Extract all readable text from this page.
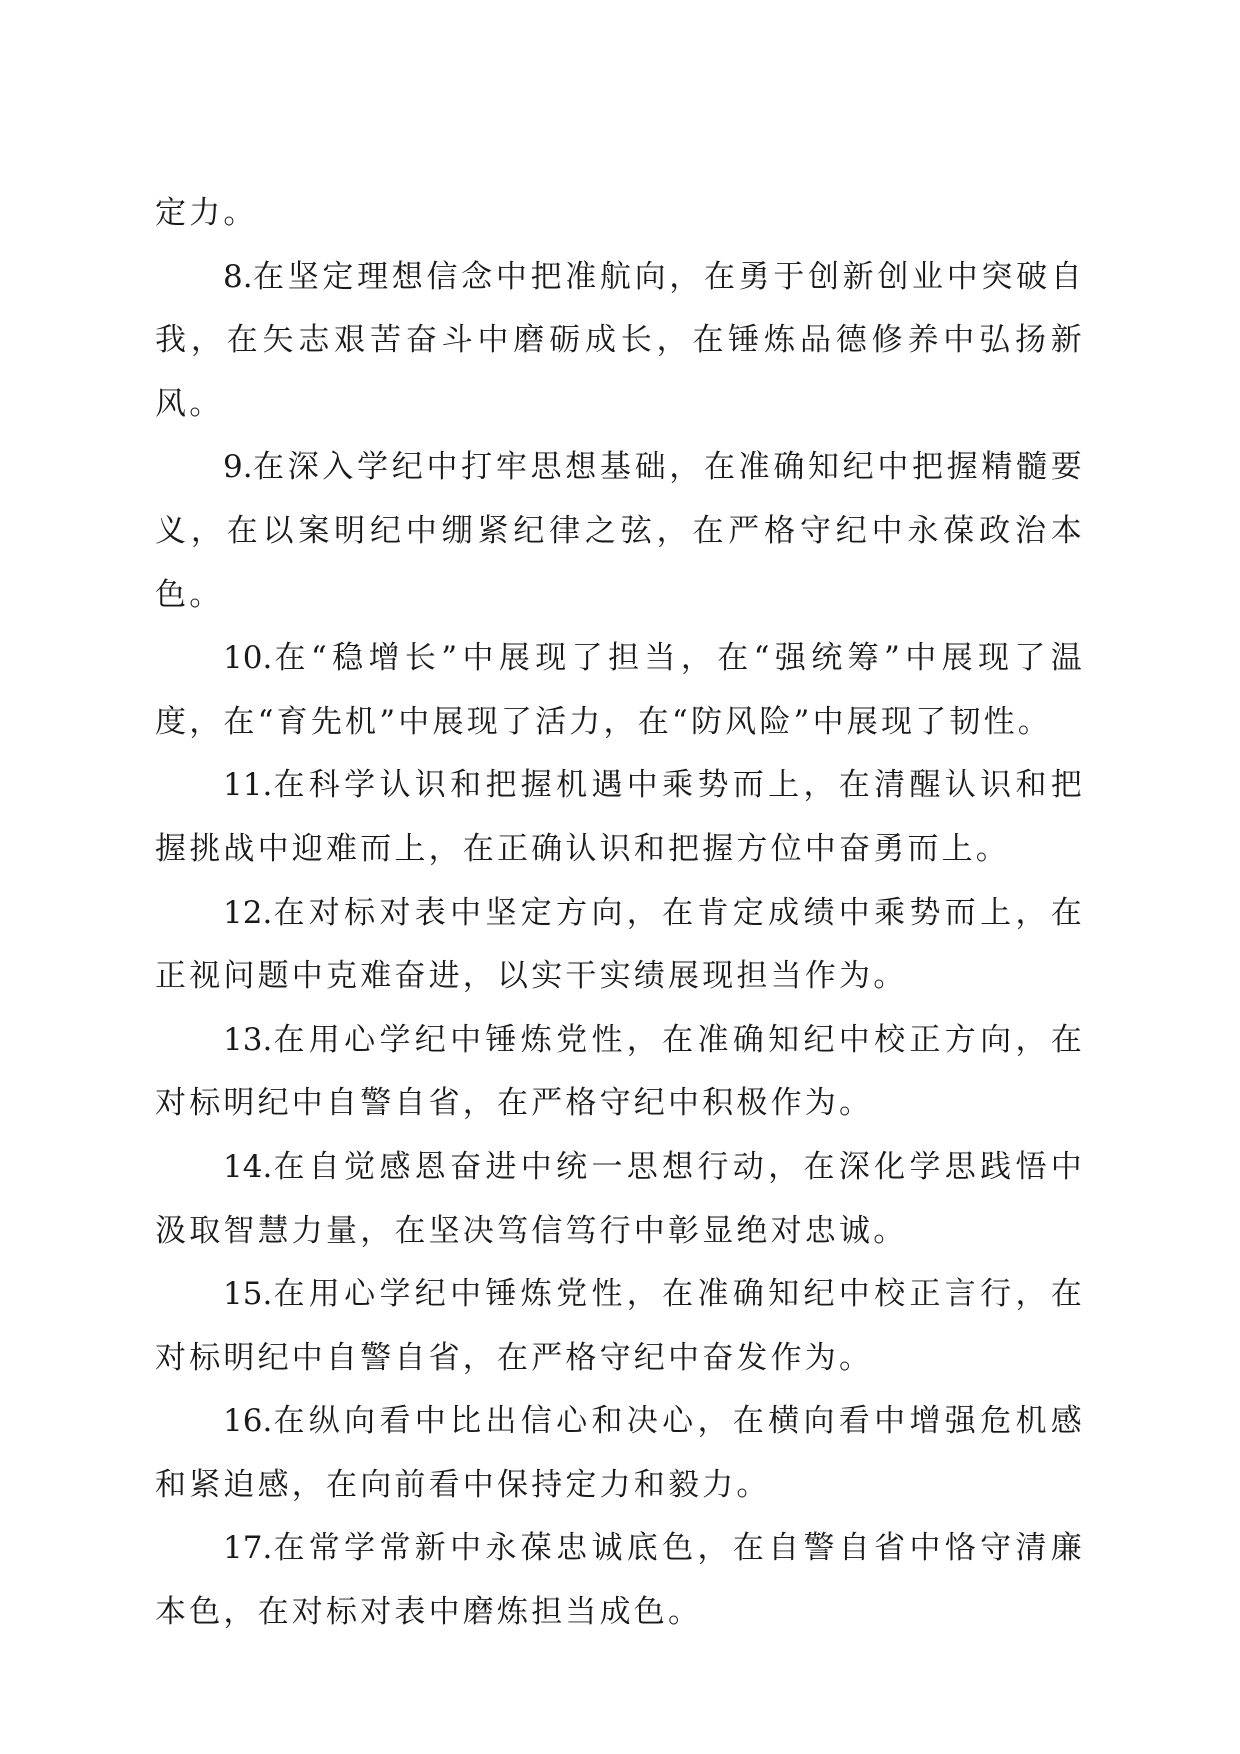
定力。

8.在坚定理想信念中把准航向，在勇于创新创业中突破自我，在矢志艰苦奋斗中磨砺成长，在锤炼品德修养中弘扬新风。

9.在深入学纪中打牢思想基础，在准确知纪中把握精髓要义，在以案明纪中绷紧纪律之弦，在严格守纪中永葆政治本色。

10.在“稳增长”中展现了担当，在“强统筹”中展现了温度，在“育先机”中展现了活力，在“防风险”中展现了韧性。

11.在科学认识和把握机遇中乘势而上，在清醒认识和把握挑战中迎难而上，在正确认识和把握方位中奋勇而上。

12.在对标对表中坚定方向，在肯定成绩中乘势而上，在正视问题中克难奋进，以实干实绩展现担当作为。

13.在用心学纪中锤炼党性，在准确知纪中校正方向，在对标明纪中自警自省，在严格守纪中积极作为。

14.在自觉感恩奋进中统一思想行动，在深化学思践悟中汲取智慧力量，在坚决笃信笃行中彰显绝对忠诚。

15.在用心学纪中锤炼党性，在准确知纪中校正言行，在对标明纪中自警自省，在严格守纪中奋发作为。

16.在纵向看中比出信心和决心，在横向看中增强危机感和紧迫感，在向前看中保持定力和毅力。

17.在常学常新中永葆忠诚底色，在自警自省中恪守清廉本色，在对标对表中磨炼担当成色。
